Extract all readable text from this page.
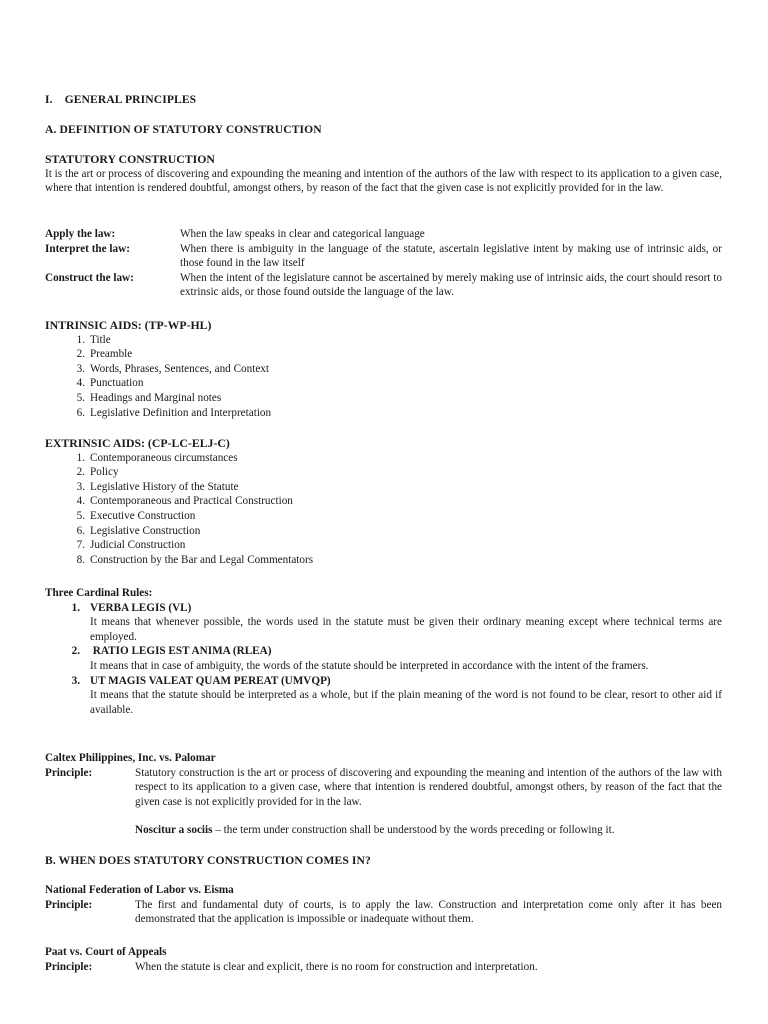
I.    GENERAL PRINCIPLES
A. DEFINITION OF STATUTORY CONSTRUCTION
STATUTORY CONSTRUCTION
It is the art or process of discovering and expounding the meaning and intention of the authors of the law with respect to its application to a given case, where that intention is rendered doubtful, amongst others, by reason of the fact that the given case is not explicitly provided for in the law.
Apply the law:	When the law speaks in clear and categorical language
Interpret the law:	When there is ambiguity in the language of the statute, ascertain legislative intent by making use of intrinsic aids, or those found in the law itself
Construct the law:	When the intent of the legislature cannot be ascertained by merely making use of intrinsic aids, the court should resort to extrinsic aids, or those found outside the language of the law.
INTRINSIC AIDS: (TP-WP-HL)
1. Title
2. Preamble
3. Words, Phrases, Sentences, and Context
4. Punctuation
5. Headings and Marginal notes
6. Legislative Definition and Interpretation
EXTRINSIC AIDS: (CP-LC-ELJ-C)
1. Contemporaneous circumstances
2. Policy
3. Legislative History of the Statute
4. Contemporaneous and Practical Construction
5. Executive Construction
6. Legislative Construction
7. Judicial Construction
8. Construction by the Bar and Legal Commentators
Three Cardinal Rules:
1. VERBA LEGIS (VL)
It means that whenever possible, the words used in the statute must be given their ordinary meaning except where technical terms are employed.
2. RATIO LEGIS EST ANIMA (RLEA)
It means that in case of ambiguity, the words of the statute should be interpreted in accordance with the intent of the framers.
3. UT MAGIS VALEAT QUAM PEREAT (UMVQP)
It means that the statute should be interpreted as a whole, but if the plain meaning of the word is not found to be clear, resort to other aid if available.
Caltex Philippines, Inc. vs. Palomar
Principle:	Statutory construction is the art or process of discovering and expounding the meaning and intention of the authors of the law with respect to its application to a given case, where that intention is rendered doubtful, amongst others, by reason of the fact that the given case is not explicitly provided for in the law.
Noscitur a sociis – the term under construction shall be understood by the words preceding or following it.
B. WHEN DOES STATUTORY CONSTRUCTION COMES IN?
National Federation of Labor vs. Eisma
Principle:	The first and fundamental duty of courts, is to apply the law. Construction and interpretation come only after it has been demonstrated that the application is impossible or inadequate without them.
Paat vs. Court of Appeals
Principle:	When the statute is clear and explicit, there is no room for construction and interpretation.
